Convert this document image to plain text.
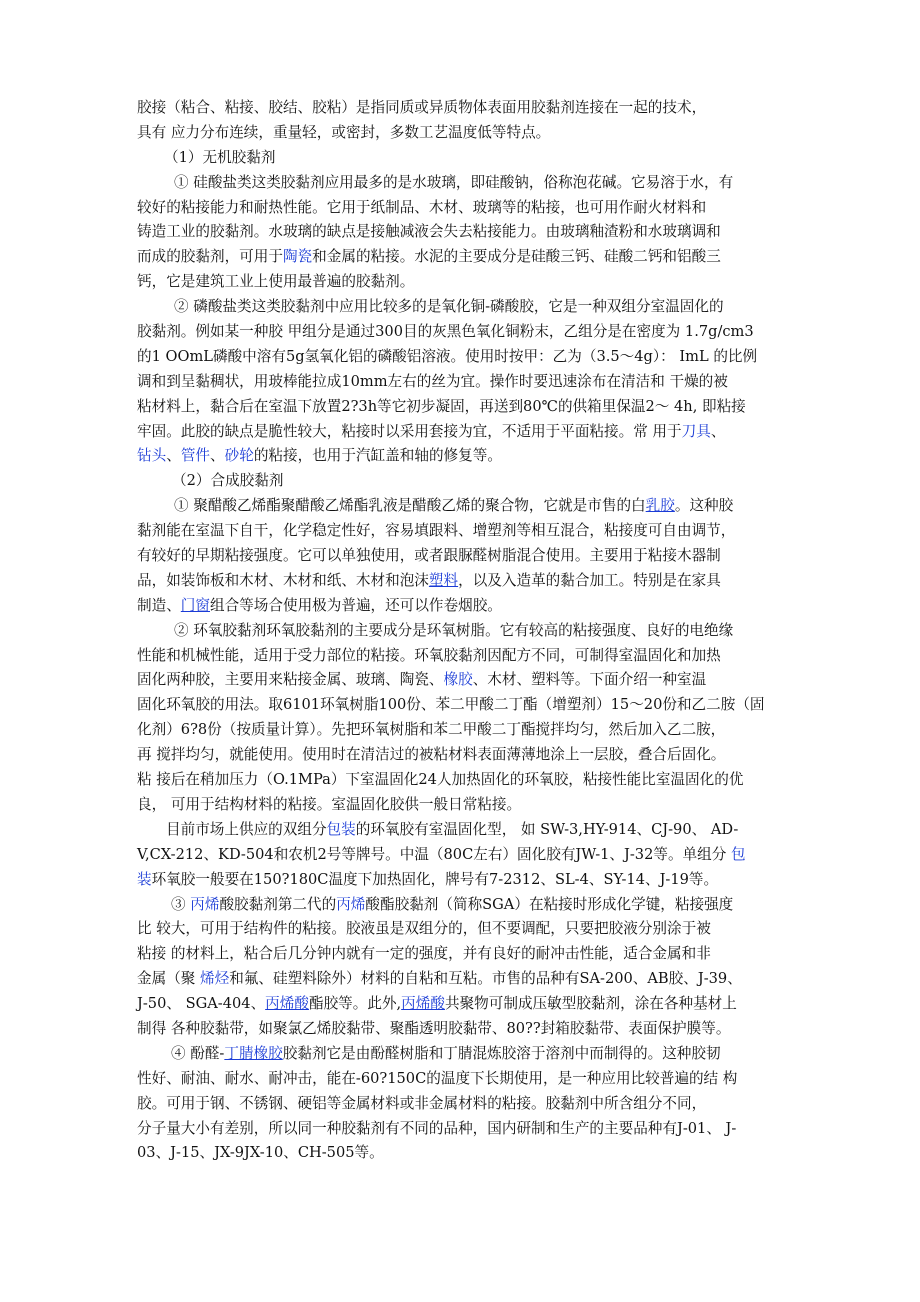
胶接（粘合、粘接、胶结、胶粘）是指同质或异质物体表面用胶黏剂连接在一起的技术，
具有 应力分布连续，重量轻，或密封，多数工艺温度低等特点。

（1）无机胶黏剂

① 硅酸盐类这类胶黏剂应用最多的是水玻璃，即硅酸钠，俗称泡花碱。它易溶于水，有
较好的粘接能力和耐热性能。它用于纸制品、木材、玻璃等的粘接，也可用作耐火材料和
铸造工业的胶黏剂。水玻璃的缺点是接触减液会失去粘接能力。由玻璃釉渣粉和水玻璃调和
而成的胶黏剂，可用于陶瓷和金属的粘接。水泥的主要成分是硅酸三钙、硅酸二钙和铝酸三
钙，它是建筑工业上使用最普遍的胶黏剂。

② 磷酸盐类这类胶黏剂中应用比较多的是氧化铜-磷酸胶，它是一种双组分室温固化的
胶黏剂。例如某一种胶 甲组分是通过300目的灰黑色氧化铜粉末，乙组分是在密度为 1.7g/cm3
的1 OOmL磷酸中溶有5g氢氧化铝的磷酸铝溶液。使用时按甲：乙为（3.5〜4g）： ImL 的比例
调和到呈黏稠状，用玻棒能拉成10mm左右的丝为宜。操作时要迅速涂布在清洁和 干燥的被
粘材料上，黏合后在室温下放置2?3h等它初步凝固，再送到80℃的供箱里保温2〜 4h, 即粘接
牢固。此胶的缺点是脆性较大，粘接时以采用套接为宜，不适用于平面粘接。常 用于刀具、
钻头、管件、砂轮的粘接，也用于汽缸盖和轴的修复等。

（2）合成胶黏剂

① 聚醋酸乙烯酯聚醋酸乙烯酯乳液是醋酸乙烯的聚合物，它就是市售的白乳胶。这种胶
黏剂能在室温下自干，化学稳定性好，容易填跟料、增塑剂等相互混合，粘接度可自由调节，
有较好的早期粘接强度。它可以单独使用，或者跟脲醛树脂混合使用。主要用于粘接木器制
品，如装饰板和木材、木材和纸、木材和泡沫塑料，以及入造革的黏合加工。特别是在家具
制造、门窗组合等场合使用极为普遍，还可以作卷烟胶。

② 环氧胶黏剂环氧胶黏剂的主要成分是环氧树脂。它有较高的粘接强度、良好的电绝缘
性能和机械性能，适用于受力部位的粘接。环氧胶黏剂因配方不同，可制得室温固化和加热
固化两种胶，主要用来粘接金属、玻璃、陶瓷、橡胶、木材、塑料等。下面介绍一种室温
固化环氧胶的用法。取6101环氧树脂100份、苯二甲酸二丁酯（增塑剂）15〜20份和乙二胺（固
化剂）6?8份（按质量计算）。先把环氧树脂和苯二甲酸二丁酯搅拌均匀，然后加入乙二胺，
再 搅拌均匀，就能使用。使用时在清洁过的被粘材料表面薄薄地涂上一层胶，叠合后固化。
粘 接后在稍加压力（O.1MPa）下室温固化24人加热固化的环氧胶，粘接性能比室温固化的优
良， 可用于结构材料的粘接。室温固化胶供一般日常粘接。

目前市场上供应的双组分包装的环氧胶有室温固化型， 如 SW-3,HY-914、CJ-90、 AD-
V,CX-212、KD-504和农机2号等牌号。中温（80C左右）固化胶有JW-1、J-32等。单组分 包
装环氧胶一般要在150?180C温度下加热固化，牌号有7-2312、SL-4、SY-14、J-19等。

③ 丙烯酸胶黏剂第二代的丙烯酸酯胶黏剂（简称SGA）在粘接时形成化学键，粘接强度
比 较大，可用于结构件的粘接。胶液虽是双组分的，但不要调配，只要把胶液分别涂于被
粘接 的材料上，粘合后几分钟内就有一定的强度，并有良好的耐冲击性能，适合金属和非
金属（聚 烯烃和氟、硅塑料除外）材料的自粘和互粘。市售的品种有SA-200、AB胶、J-39、
J-50、 SGA-404、丙烯酸酯胶等。此外,丙烯酸共聚物可制成压敏型胶黏剂，涂在各种基材上
制得 各种胶黏带，如聚氯乙烯胶黏带、聚酯透明胶黏带、80??封箱胶黏带、表面保护膜等。

④ 酚醛-丁腈橡胶胶黏剂它是由酚醛树脂和丁腈混炼胶溶于溶剂中而制得的。这种胶韧
性好、耐油、耐水、耐冲击，能在-60?150C的温度下长期使用，是一种应用比较普遍的结 构
胶。可用于钢、不锈钢、硬铝等金属材料或非金属材料的粘接。胶黏剂中所含组分不同，
分子量大小有差别，所以同一种胶黏剂有不同的品种，国内研制和生产的主要品种有J-01、 J-
03、J-15、JX-9JX-10、CH-505等。
